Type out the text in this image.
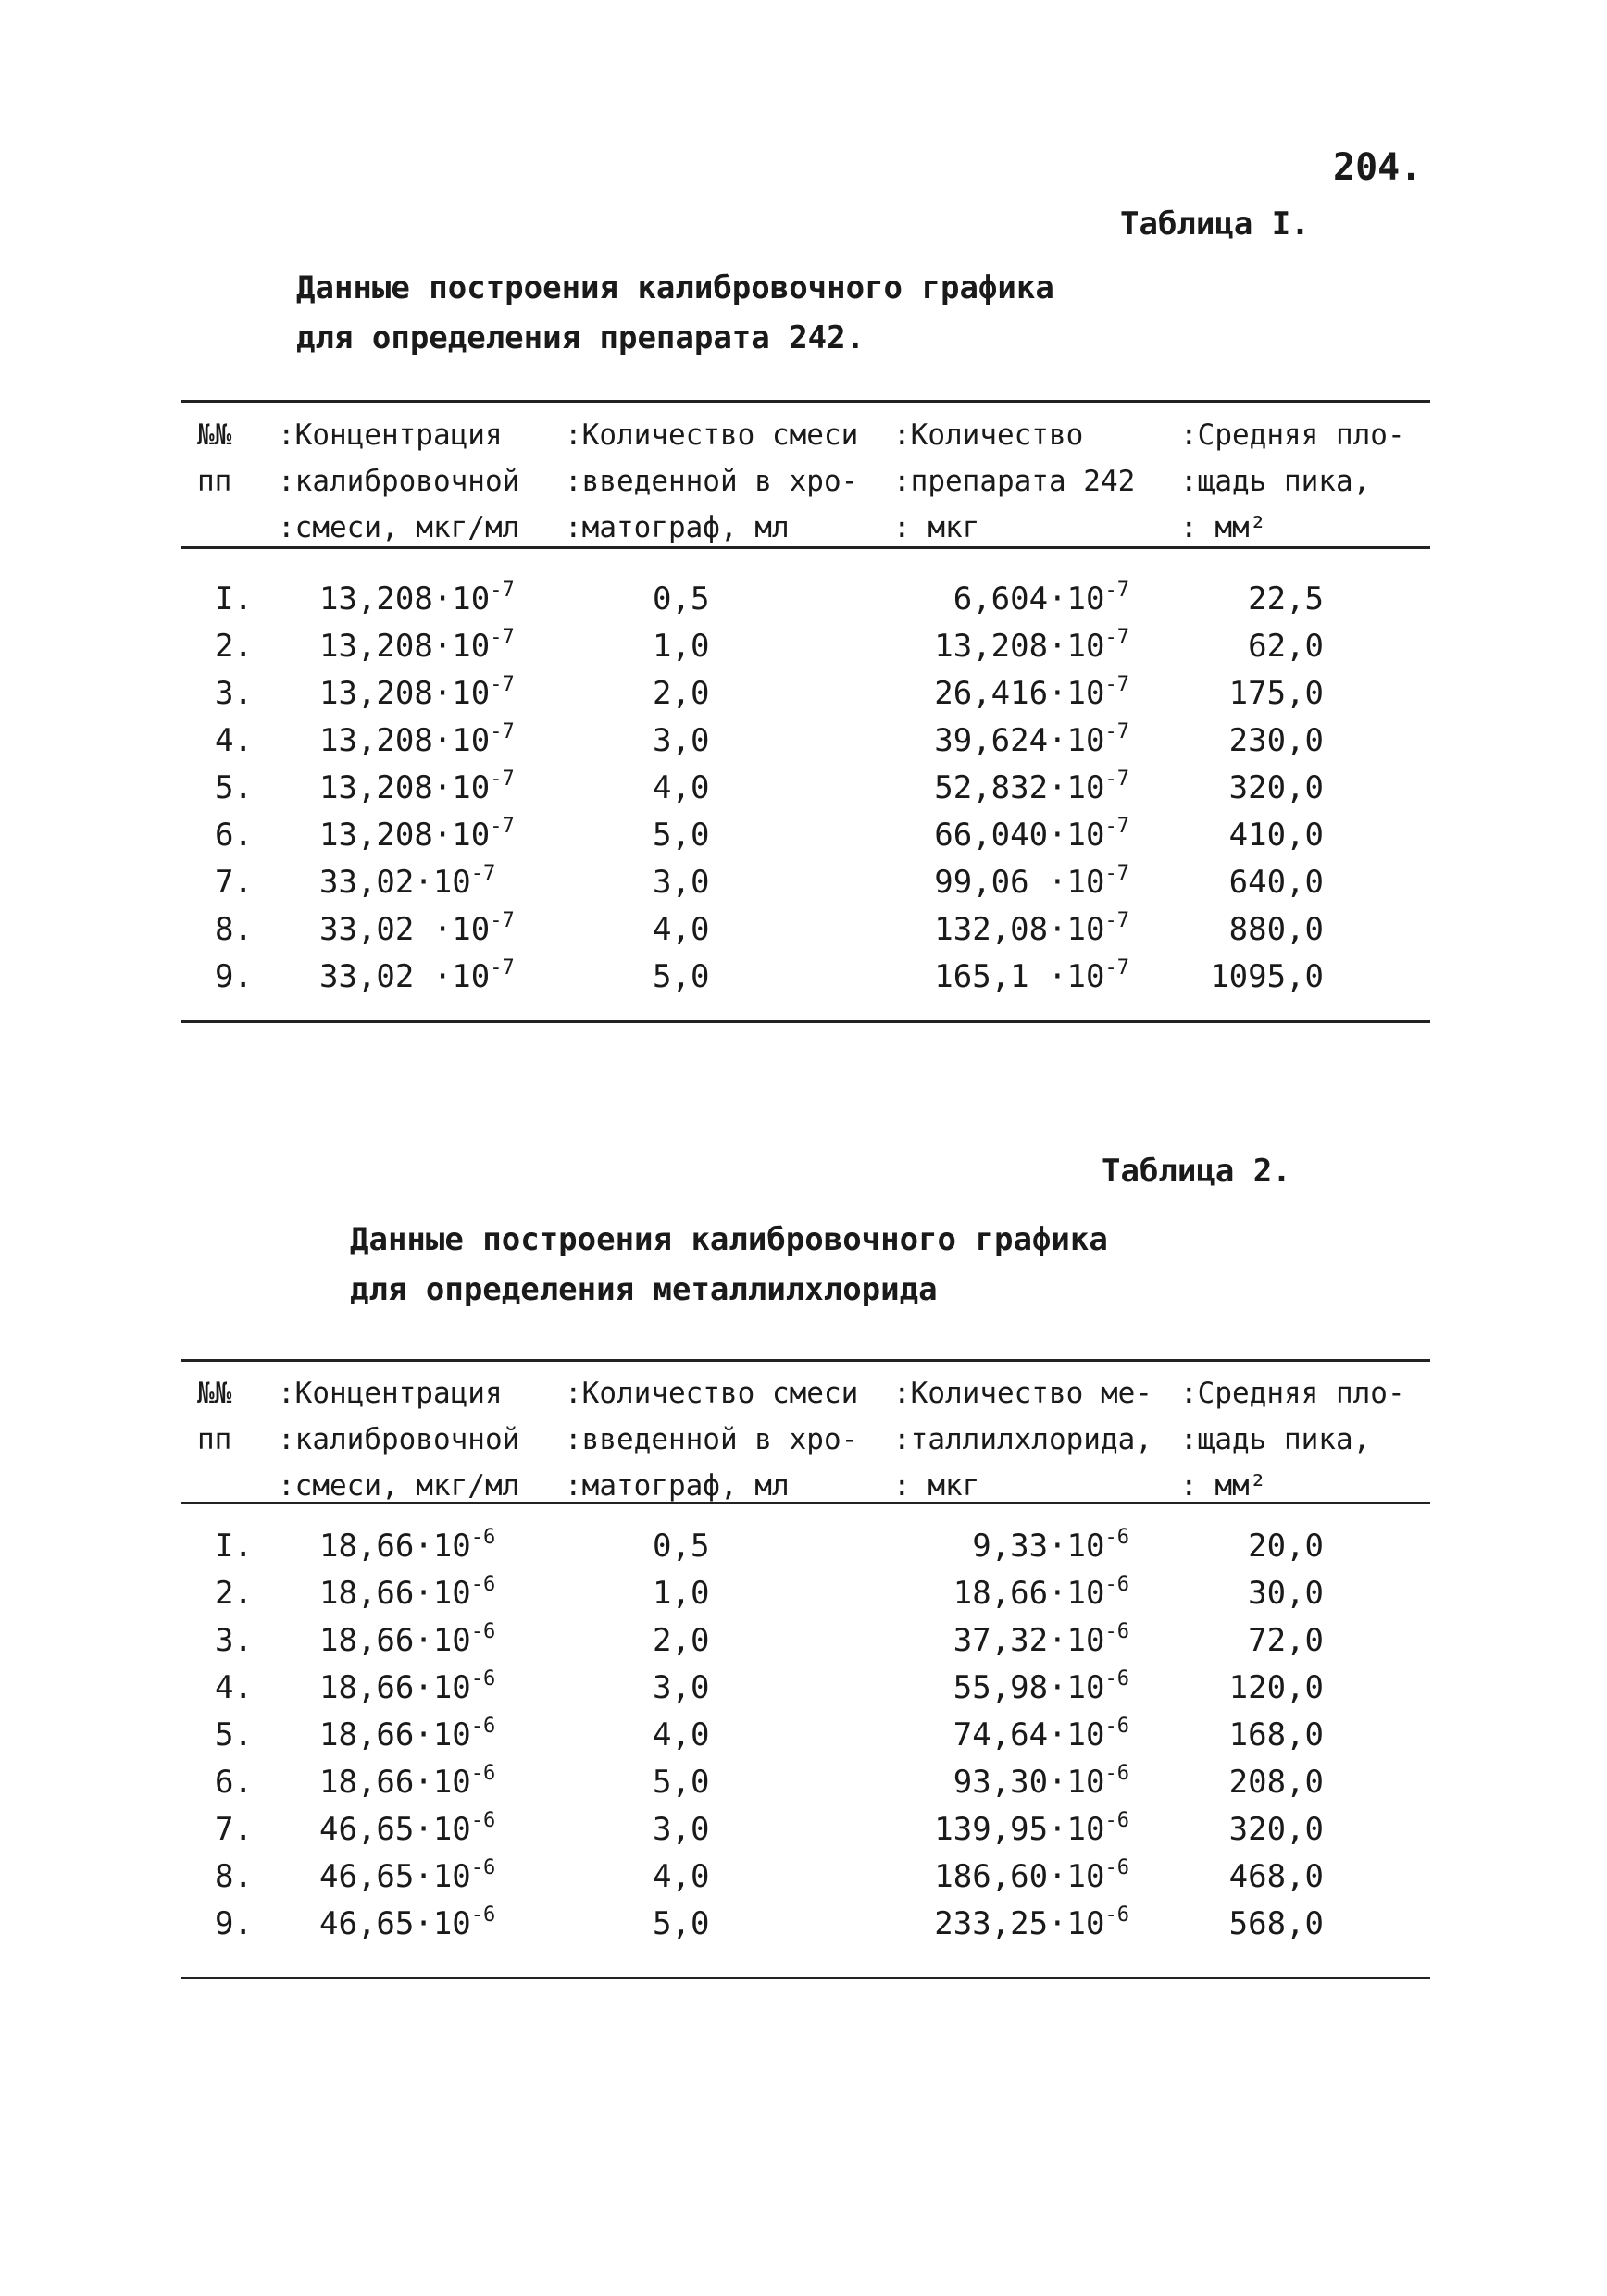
204.
Таблица I.
Данные построения калибровочного графика
для определения препарата 242.
№№
пп
:Концентрация :Количество смеси :Количество	:Средняя пло-
:калибровочной :введенной в хро- :препарата 242 :щадь пика,
:смеси, мкг/мл :матограф, мл	: мкг	: мм²
I. $13,208\cdot 10^{-7}$	0,5	$6,604\cdot 10^{-7}$	22,5
2. $13,208\cdot 10^{-7}$	1,0	$13,208\cdot 10^{-7}$	62,0
3. $13,208\cdot 10^{-7}$	2,0	$26,416\cdot 10^{-7}$	175,0
4. $13,208\cdot 10^{-7}$	3,0	$39,624\cdot 10^{-7}$	230,0
5. $13,208\cdot 10^{-7}$	4,0	$52,832\cdot 10^{-7}$	320,0
6. $13,208\cdot 10^{-7}$	5,0	$66,040\cdot 10^{-7}$	410,0
7. $33,02\cdot 10^{-7}$	3,0	$99,06 \cdot 10^{-7}$	640,0
8. $33,02 \cdot 10^{-7}$	4,0	$132,08\cdot 10^{-7}$	880,0
9. $33,02 \cdot 10^{-7}$	5,0	$165,1 \cdot 10^{-7}$	1095,0
Таблица 2.
Данные построения калибровочного графика
для определения металлилхлорида
№№
пп
:Концентрация :Количество смеси :Количество ме- :Средняя пло-
:калибровочной :введенной в хро- :таллилхлорида, :щадь пика,
:смеси, мкг/мл :матограф, мл	: мкг	: мм²
I. $18,66\cdot 10^{-6}$	0,5	$9,33\cdot 10^{-6}$	20,0
2. $18,66\cdot 10^{-6}$	1,0	$18,66\cdot 10^{-6}$	30,0
3. $18,66\cdot 10^{-6}$	2,0	$37,32\cdot 10^{-6}$	72,0
4. $18,66\cdot 10^{-6}$	3,0	$55,98\cdot 10^{-6}$	120,0
5. $18,66\cdot 10^{-6}$	4,0	$74,64\cdot 10^{-6}$	168,0
6. $18,66\cdot 10^{-6}$	5,0	$93,30\cdot 10^{-6}$	208,0
7. $46,65\cdot 10^{-6}$	3,0	$139,95\cdot 10^{-6}$	320,0
8. $46,65\cdot 10^{-6}$	4,0	$186,60\cdot 10^{-6}$	468,0
9. $46,65\cdot 10^{-6}$	5,0	$233,25\cdot 10^{-6}$	568,0
